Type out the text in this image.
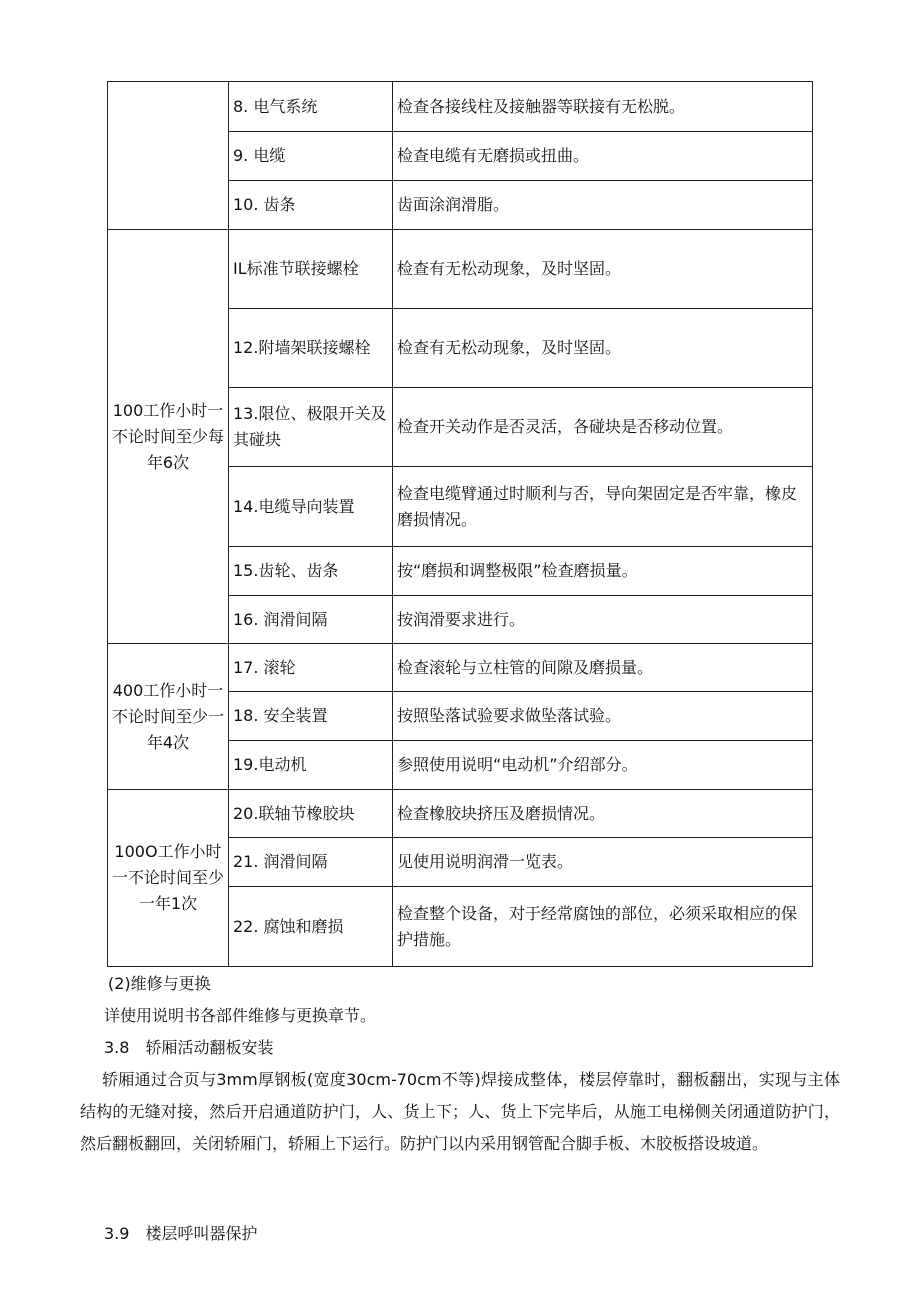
	8. 电气系统	检查各接线柱及接触器等联接有无松脱。
	9. 电缆	检查电缆有无磨损或扭曲。
	10. 齿条	齿面涂润滑脂。
100工作小时一不论时间至少每年6次	IL标准节联接螺栓	检查有无松动现象，及时坚固。
	12.附墙架联接螺栓	检查有无松动现象，及时坚固。
	13.限位、极限开关及其碰块	检查开关动作是否灵活，各碰块是否移动位置。
	14.电缆导向装置	检查电缆臂通过时顺利与否，导向架固定是否牢靠，橡皮磨损情况。
	15.齿轮、齿条	按“磨损和调整极限”检查磨损量。
	16. 润滑间隔	按润滑要求进行。
400工作小时一不论时间至少一年4次	17. 滚轮	检查滚轮与立柱管的间隙及磨损量。
	18. 安全装置	按照坠落试验要求做坠落试验。
	19.电动机	参照使用说明“电动机”介绍部分。
100O工作小时一不论时间至少一年1次	20.联轴节橡胶块	检查橡胶块挤压及磨损情况。
	21. 润滑间隔	见使用说明润滑一览表。
	22. 腐蚀和磨损	检查整个设备，对于经常腐蚀的部位，必须采取相应的保护措施。
(2)维修与更换
详使用说明书各部件维修与更换章节。
3.8　轿厢活动翻板安装
轿厢通过合页与3mm厚钢板(宽度30cm-70cm不等)焊接成整体，楼层停靠时，翻板翻出，实现与主体结构的无缝对接，然后开启通道防护门，人、货上下；人、货上下完毕后，从施工电梯侧关闭通道防护门，然后翻板翻回，关闭轿厢门，轿厢上下运行。防护门以内采用钢管配合脚手板、木胶板搭设坡道。
3.9　楼层呼叫器保护
